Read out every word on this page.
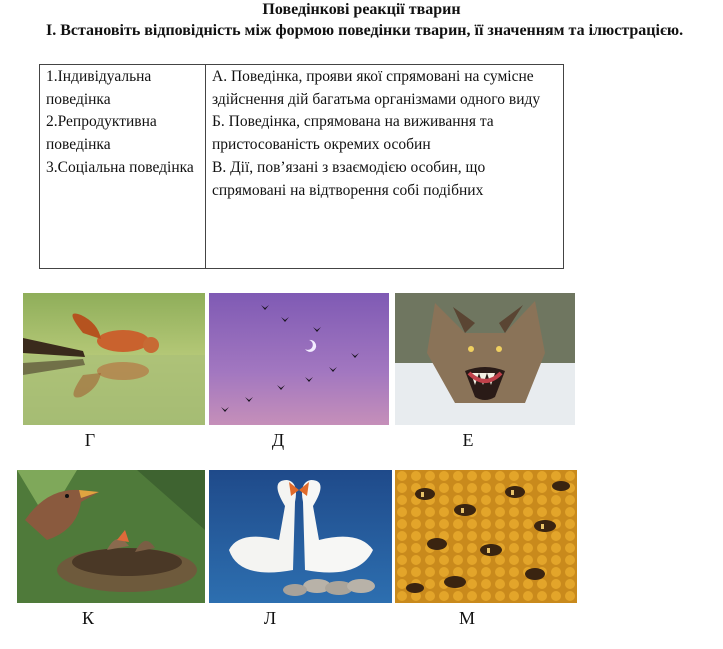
Поведінкові реакції тварин
І. Встановіть відповідність між формою поведінки тварин, її значенням та ілюстрацією.
1.Індивідуальна поведінка
2.Репродуктивна поведінка
3.Соціальна поведінка

А. Поведінка, прояви якої спрямовані на сумісне здійснення дій багатьма організмами одного виду
Б. Поведінка, спрямована на виживання та пристосованість окремих особин
В. Дії, пов’язані з взаємодією особин, що спрямовані на відтворення собі подібних
Г	Д	Е
К	Л	М
